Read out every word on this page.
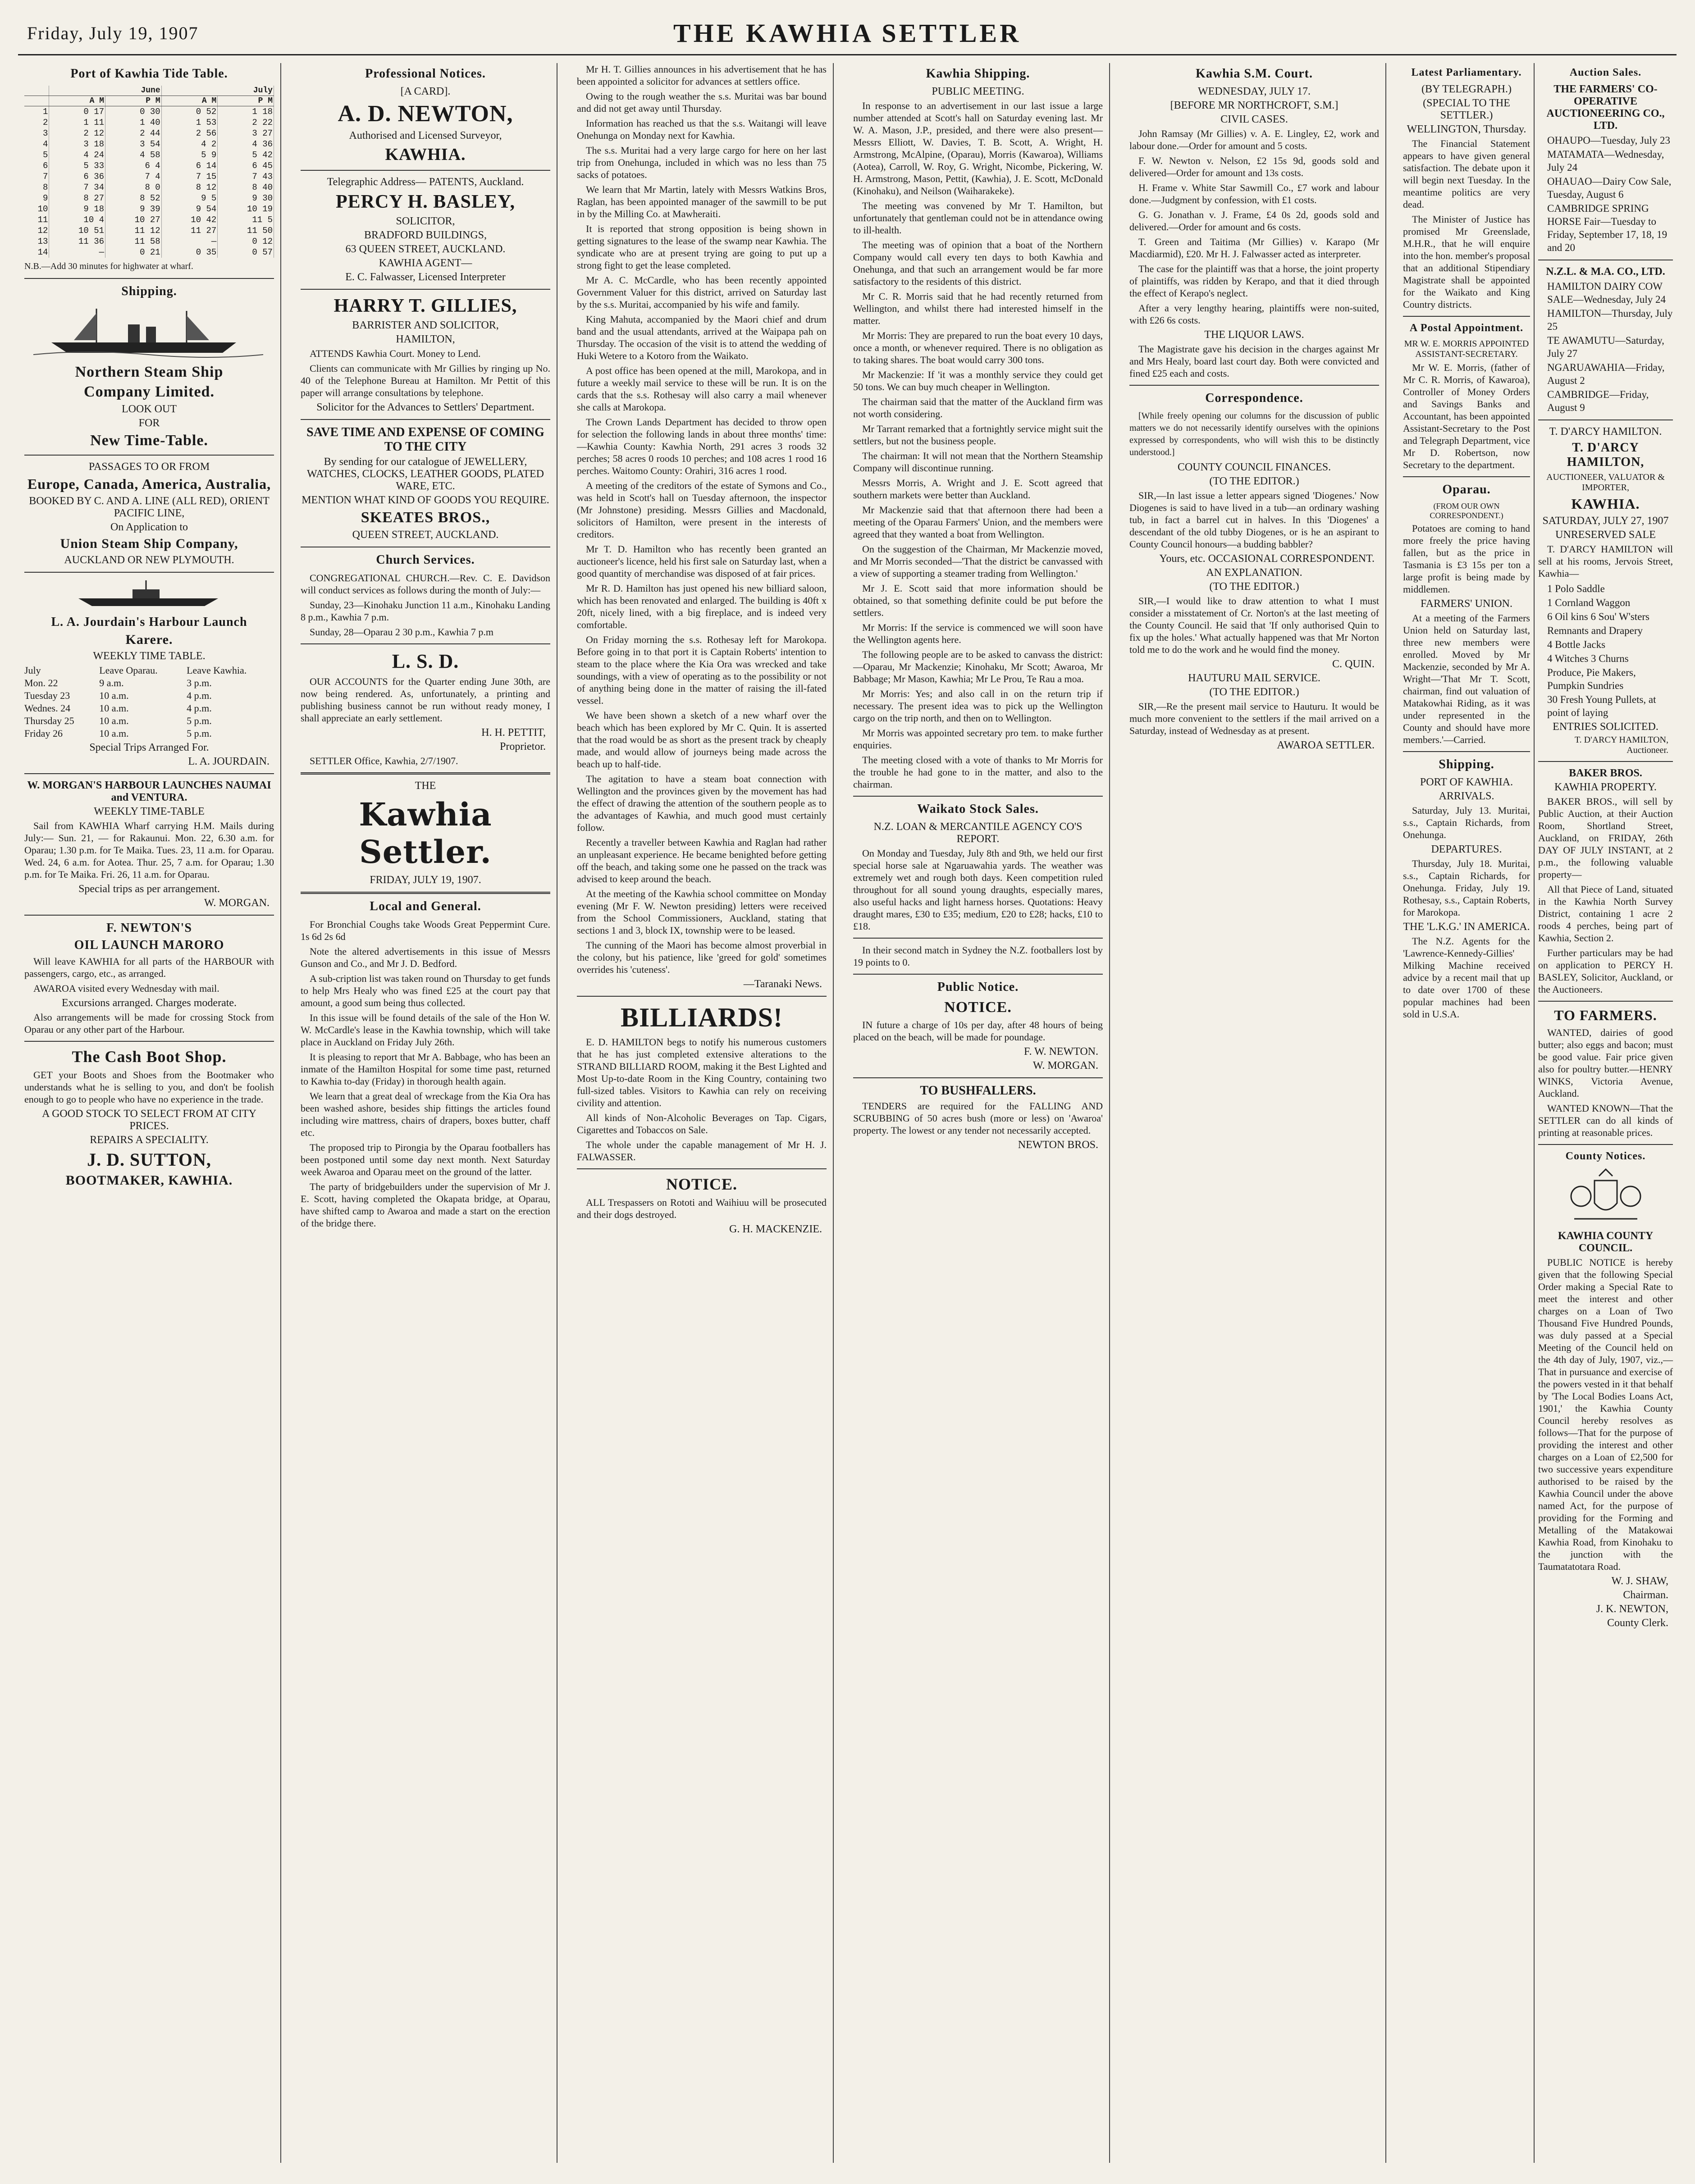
Friday, July 19, 1907	THE KAWHIA SETTLER
Port of Kawhia Tide Table.
	June		July	
	A M	P M	A M	P M
1	0 17	0 30	0 52	1 18
2	1 11	1 40	1 53	2 22
3	2 12	2 44	2 56	3 27
4	3 18	3 54	4 2	4 36
5	4 24	4 58	5 9	5 42
6	5 33	6 4	6 14	6 45
7	6 36	7 4	7 15	7 43
8	7 34	8 0	8 12	8 40
9	8 27	8 52	9 5	9 30
10	9 18	9 39	9 54	10 19
11	10 4	10 27	10 42	11 5
12	10 51	11 12	11 27	11 50
13	11 36	11 58	—	0 12
14	—	0 21	0 35	0 57

N.B.—Add 30 minutes for highwater at wharf.

Shipping.
Northern Steam Ship
Company Limited.
LOOK OUT
FOR
New Time-Table.
PASSAGES TO OR FROM
Europe, Canada, America, Australia,
BOOKED BY C. AND A. LINE (ALL RED), ORIENT PACIFIC LINE,
On Application to
Union Steam Ship Company,
AUCKLAND OR NEW PLYMOUTH.
L. A. Jourdain's Harbour Launch
Karere.
WEEKLY TIME TABLE.
July	Leave Oparau.	Leave Kawhia.
Mon. 22	9 a.m.	3 p.m.
Tuesday 23	10 a.m.	4 p.m.
Wednes. 24	10 a.m.	4 p.m.
Thursday 25	10 a.m.	5 p.m.
Friday 26	10 a.m.	5 p.m.
Special Trips Arranged For.
L. A. JOURDAIN.
W. MORGAN'S HARBOUR LAUNCHES NAUMAI and VENTURA.
WEEKLY TIME-TABLE

Sail from KAWHIA Wharf carrying H.M. Mails during July:— Sun. 21, — for Rakaunui. Mon. 22, 6.30 a.m. for Oparau; 1.30 p.m. for Te Maika. Tues. 23, 11 a.m. for Oparau. Wed. 24, 6 a.m. for Aotea. Thur. 25, 7 a.m. for Oparau; 1.30 p.m. for Te Maika. Fri. 26, 11 a.m. for Oparau.

Special trips as per arrangement.
W. MORGAN.
F. NEWTON'S
OIL LAUNCH MARORO

Will leave KAWHIA for all parts of the HARBOUR with passengers, cargo, etc., as arranged.

AWAROA visited every Wednesday with mail.

Excursions arranged. Charges moderate.

Also arrangements will be made for crossing Stock from Oparau or any other part of the Harbour.

The Cash Boot Shop.

GET your Boots and Shoes from the Bootmaker who understands what he is selling to you, and don't be foolish enough to go to people who have no experience in the trade.

A GOOD STOCK TO SELECT FROM AT CITY PRICES.
REPAIRS A SPECIALITY.
J. D. SUTTON,
BOOTMAKER, KAWHIA.
Professional Notices.
[A CARD].
A. D. NEWTON,
Authorised and Licensed Surveyor,
KAWHIA.
Telegraphic Address— PATENTS, Auckland.
PERCY H. BASLEY,
SOLICITOR,
BRADFORD BUILDINGS,
63 QUEEN STREET, AUCKLAND.
KAWHIA AGENT—
E. C. Falwasser, Licensed Interpreter
HARRY T. GILLIES,
BARRISTER AND SOLICITOR,
HAMILTON,

ATTENDS Kawhia Court. Money to Lend.

Clients can communicate with Mr Gillies by ringing up No. 40 of the Telephone Bureau at Hamilton. Mr Pettit of this paper will arrange consultations by telephone.

Solicitor for the Advances to Settlers' Department.
SAVE TIME AND EXPENSE OF COMING TO THE CITY
By sending for our catalogue of JEWELLERY, WATCHES, CLOCKS, LEATHER GOODS, PLATED WARE, ETC.
MENTION WHAT KIND OF GOODS YOU REQUIRE.
SKEATES BROS.,
QUEEN STREET, AUCKLAND.
Church Services.

CONGREGATIONAL CHURCH.—Rev. C. E. Davidson will conduct services as follows during the month of July:—

Sunday, 23—Kinohaku Junction 11 a.m., Kinohaku Landing 8 p.m., Kawhia 7 p.m.

Sunday, 28—Oparau 2 30 p.m., Kawhia 7 p.m

L. S. D.

OUR ACCOUNTS for the Quarter ending June 30th, are now being rendered. As, unfortunately, a printing and publishing business cannot be run without ready money, I shall appreciate an early settlement.

H. H. PETTIT,
Proprietor.

SETTLER Office, Kawhia, 2/7/1907.

THE
Kawhia Settler.
FRIDAY, JULY 19, 1907.
Local and General.

For Bronchial Coughs take Woods Great Peppermint Cure. 1s 6d 2s 6d

Note the altered advertisements in this issue of Messrs Gunson and Co., and Mr J. D. Bedford.

A sub-cription list was taken round on Thursday to get funds to help Mrs Healy who was fined £25 at the court pay that amount, a good sum being thus collected.

In this issue will be found details of the sale of the Hon W. W. McCardle's lease in the Kawhia township, which will take place in Auckland on Friday July 26th.

It is pleasing to report that Mr A. Babbage, who has been an inmate of the Hamilton Hospital for some time past, returned to Kawhia to-day (Friday) in thorough health again.

We learn that a great deal of wreckage from the Kia Ora has been washed ashore, besides ship fittings the articles found including wire mattress, chairs of drapers, boxes butter, chaff etc.

The proposed trip to Pirongia by the Oparau footballers has been postponed until some day next month. Next Saturday week Awaroa and Oparau meet on the ground of the latter.

The party of bridgebuilders under the supervision of Mr J. E. Scott, having completed the Okapata bridge, at Oparau, have shifted camp to Awaroa and made a start on the erection of the bridge there.

Mr H. T. Gillies announces in his advertisement that he has been appointed a solicitor for advances at settlers office.

Owing to the rough weather the s.s. Muritai was bar bound and did not get away until Thursday.

Information has reached us that the s.s. Waitangi will leave Onehunga on Monday next for Kawhia.

The s.s. Muritai had a very large cargo for here on her last trip from Onehunga, included in which was no less than 75 sacks of potatoes.

We learn that Mr Martin, lately with Messrs Watkins Bros, Raglan, has been appointed manager of the sawmill to be put in by the Milling Co. at Mawheraiti.

It is reported that strong opposition is being shown in getting signatures to the lease of the swamp near Kawhia. The syndicate who are at present trying are going to put up a strong fight to get the lease completed.

Mr A. C. McCardle, who has been recently appointed Government Valuer for this district, arrived on Saturday last by the s.s. Muritai, accompanied by his wife and family.

King Mahuta, accompanied by the Maori chief and drum band and the usual attendants, arrived at the Waipapa pah on Thursday. The occasion of the visit is to attend the wedding of Huki Wetere to a Kotoro from the Waikato.

A post office has been opened at the mill, Marokopa, and in future a weekly mail service to these will be run. It is on the cards that the s.s. Rothesay will also carry a mail whenever she calls at Marokopa.

The Crown Lands Department has decided to throw open for selection the following lands in about three months' time:—Kawhia County: Kawhia North, 291 acres 3 roods 32 perches; 58 acres 0 roods 10 perches; and 108 acres 1 rood 16 perches. Waitomo County: Orahiri, 316 acres 1 rood.

A meeting of the creditors of the estate of Symons and Co., was held in Scott's hall on Tuesday afternoon, the inspector (Mr Johnstone) presiding. Messrs Gillies and Macdonald, solicitors of Hamilton, were present in the interests of creditors.

Mr T. D. Hamilton who has recently been granted an auctioneer's licence, held his first sale on Saturday last, when a good quantity of merchandise was disposed of at fair prices.

Mr R. D. Hamilton has just opened his new billiard saloon, which has been renovated and enlarged. The building is 40ft x 20ft, nicely lined, with a big fireplace, and is indeed very comfortable.

On Friday morning the s.s. Rothesay left for Marokopa. Before going in to that port it is Captain Roberts' intention to steam to the place where the Kia Ora was wrecked and take soundings, with a view of operating as to the possibility or not of anything being done in the matter of raising the ill-fated vessel.

We have been shown a sketch of a new wharf over the beach which has been explored by Mr C. Quin. It is asserted that the road would be as short as the present track by cheaply made, and would allow of journeys being made across the beach up to half-tide.

The agitation to have a steam boat connection with Wellington and the provinces given by the movement has had the effect of drawing the attention of the southern people as to the advantages of Kawhia, and much good must certainly follow.

Recently a traveller between Kawhia and Raglan had rather an unpleasant experience. He became benighted before getting off the beach, and taking some one he passed on the track was advised to keep around the beach.

At the meeting of the Kawhia school committee on Monday evening (Mr F. W. Newton presiding) letters were received from the School Commissioners, Auckland, stating that sections 1 and 3, block IX, township were to be leased.

The cunning of the Maori has become almost proverbial in the colony, but his patience, like 'greed for gold' sometimes overrides his 'cuteness'.

—Taranaki News.
BILLIARDS!

E. D. HAMILTON begs to notify his numerous customers that he has just completed extensive alterations to the STRAND BILLIARD ROOM, making it the Best Lighted and Most Up-to-date Room in the King Country, containing two full-sized tables. Visitors to Kawhia can rely on receiving civility and attention.

All kinds of Non-Alcoholic Beverages on Tap. Cigars, Cigarettes and Tobaccos on Sale.

The whole under the capable management of Mr H. J. FALWASSER.

NOTICE.

ALL Trespassers on Rototi and Waihiuu will be prosecuted and their dogs destroyed.

G. H. MACKENZIE.
Kawhia Shipping.
PUBLIC MEETING.

In response to an advertisement in our last issue a large number attended at Scott's hall on Saturday evening last. Mr W. A. Mason, J.P., presided, and there were also present—Messrs Elliott, W. Davies, T. B. Scott, A. Wright, H. Armstrong, McAlpine, (Oparau), Morris (Kawaroa), Williams (Aotea), Carroll, W. Roy, G. Wright, Nicombe, Pickering, W. H. Armstrong, Mason, Pettit, (Kawhia), J. E. Scott, McDonald (Kinohaku), and Neilson (Waiharakeke).

The meeting was convened by Mr T. Hamilton, but unfortunately that gentleman could not be in attendance owing to ill-health.

The meeting was of opinion that a boat of the Northern Company would call every ten days to both Kawhia and Onehunga, and that such an arrangement would be far more satisfactory to the residents of this district.

Mr C. R. Morris said that he had recently returned from Wellington, and whilst there had interested himself in the matter.

Mr Morris: They are prepared to run the boat every 10 days, once a month, or whenever required. There is no obligation as to taking shares. The boat would carry 300 tons.

Mr Mackenzie: If 'it was a monthly service they could get 50 tons. We can buy much cheaper in Wellington.

The chairman said that the matter of the Auckland firm was not worth considering.

Mr Tarrant remarked that a fortnightly service might suit the settlers, but not the business people.

The chairman: It will not mean that the Northern Steamship Company will discontinue running.

Messrs Morris, A. Wright and J. E. Scott agreed that southern markets were better than Auckland.

Mr Mackenzie said that that afternoon there had been a meeting of the Oparau Farmers' Union, and the members were agreed that they wanted a boat from Wellington.

On the suggestion of the Chairman, Mr Mackenzie moved, and Mr Morris seconded—'That the district be canvassed with a view of supporting a steamer trading from Wellington.'

Mr J. E. Scott said that more information should be obtained, so that something definite could be put before the settlers.

Mr Morris: If the service is commenced we will soon have the Wellington agents here.

The following people are to be asked to canvass the district:—Oparau, Mr Mackenzie; Kinohaku, Mr Scott; Awaroa, Mr Babbage; Mr Mason, Kawhia; Mr Le Prou, Te Rau a moa.

Mr Morris: Yes; and also call in on the return trip if necessary. The present idea was to pick up the Wellington cargo on the trip north, and then on to Wellington.

Mr Morris was appointed secretary pro tem. to make further enquiries.

The meeting closed with a vote of thanks to Mr Morris for the trouble he had gone to in the matter, and also to the chairman.

Waikato Stock Sales.
N.Z. LOAN & MERCANTILE AGENCY CO'S REPORT.

On Monday and Tuesday, July 8th and 9th, we held our first special horse sale at Ngaruawahia yards. The weather was extremely wet and rough both days. Keen competition ruled throughout for all sound young draughts, especially mares, also useful hacks and light harness horses. Quotations: Heavy draught mares, £30 to £35; medium, £20 to £28; hacks, £10 to £18.

In their second match in Sydney the N.Z. footballers lost by 19 points to 0.

Public Notice.
NOTICE.

IN future a charge of 10s per day, after 48 hours of being placed on the beach, will be made for poundage.

F. W. NEWTON.
W. MORGAN.
TO BUSHFALLERS.

TENDERS are required for the FALLING AND SCRUBBING of 50 acres bush (more or less) on 'Awaroa' property. The lowest or any tender not necessarily accepted.

NEWTON BROS.
Kawhia S.M. Court.
WEDNESDAY, JULY 17.
[BEFORE MR NORTHCROFT, S.M.]
CIVIL CASES.

John Ramsay (Mr Gillies) v. A. E. Lingley, £2, work and labour done.—Order for amount and 5 costs.

F. W. Newton v. Nelson, £2 15s 9d, goods sold and delivered—Order for amount and 13s costs.

H. Frame v. White Star Sawmill Co., £7 work and labour done.—Judgment by confession, with £1 costs.

G. G. Jonathan v. J. Frame, £4 0s 2d, goods sold and delivered.—Order for amount and 6s costs.

T. Green and Taitima (Mr Gillies) v. Karapo (Mr Macdiarmid), £20. Mr H. J. Falwasser acted as interpreter.

The case for the plaintiff was that a horse, the joint property of plaintiffs, was ridden by Kerapo, and that it died through the effect of Kerapo's neglect.

After a very lengthy hearing, plaintiffs were non-suited, with £26 6s costs.

THE LIQUOR LAWS.

The Magistrate gave his decision in the charges against Mr and Mrs Healy, board last court day. Both were convicted and fined £25 each and costs.

Correspondence.

[While freely opening our columns for the discussion of public matters we do not necessarily identify ourselves with the opinions expressed by correspondents, who will wish this to be distinctly understood.]

COUNTY COUNCIL FINANCES.
(TO THE EDITOR.)

SIR,—In last issue a letter appears signed 'Diogenes.' Now Diogenes is said to have lived in a tub—an ordinary washing tub, in fact a barrel cut in halves. In this 'Diogenes' a descendant of the old tubby Diogenes, or is he an aspirant to County Council honours—a budding babbler?

Yours, etc. OCCASIONAL CORRESPONDENT.
AN EXPLANATION.
(TO THE EDITOR.)

SIR,—I would like to draw attention to what I must consider a misstatement of Cr. Norton's at the last meeting of the County Council. He said that 'If only authorised Quin to fix up the holes.' What actually happened was that Mr Norton told me to do the work and he would find the money.

C. QUIN.
HAUTURU MAIL SERVICE.
(TO THE EDITOR.)

SIR,—Re the present mail service to Hauturu. It would be much more convenient to the settlers if the mail arrived on a Saturday, instead of Wednesday as at present.

AWAROA SETTLER.
Latest Parliamentary.
(BY TELEGRAPH.)
(SPECIAL TO THE SETTLER.)
WELLINGTON, Thursday.

The Financial Statement appears to have given general satisfaction. The debate upon it will begin next Tuesday. In the meantime politics are very dead.

The Minister of Justice has promised Mr Greenslade, M.H.R., that he will enquire into the hon. member's proposal that an additional Stipendiary Magistrate shall be appointed for the Waikato and King Country districts.

A Postal Appointment.
MR W. E. MORRIS APPOINTED ASSISTANT-SECRETARY.

Mr W. E. Morris, (father of Mr C. R. Morris, of Kawaroa), Controller of Money Orders and Savings Banks and Accountant, has been appointed Assistant-Secretary to the Post and Telegraph Department, vice Mr D. Robertson, now Secretary to the department.

Oparau.
(FROM OUR OWN CORRESPONDENT.)

Potatoes are coming to hand more freely the price having fallen, but as the price in Tasmania is £3 15s per ton a large profit is being made by middlemen.

FARMERS' UNION.

At a meeting of the Farmers Union held on Saturday last, three new members were enrolled. Moved by Mr Mackenzie, seconded by Mr A. Wright—'That Mr T. Scott, chairman, find out valuation of Matakowhai Riding, as it was under represented in the County and should have more members.'—Carried.

Shipping.
PORT OF KAWHIA.
ARRIVALS.

Saturday, July 13. Muritai, s.s., Captain Richards, from Onehunga.

DEPARTURES.

Thursday, July 18. Muritai, s.s., Captain Richards, for Onehunga. Friday, July 19. Rothesay, s.s., Captain Roberts, for Marokopa.

THE 'L.K.G.' IN AMERICA.

The N.Z. Agents for the 'Lawrence-Kennedy-Gillies' Milking Machine received advice by a recent mail that up to date over 1700 of these popular machines had been sold in U.S.A.

Auction Sales.
THE FARMERS' CO-OPERATIVE AUCTIONEERING CO., LTD.
OHAUPO—Tuesday, July 23
MATAMATA—Wednesday, July 24
OHAUAO—Dairy Cow Sale, Tuesday, August 6
CAMBRIDGE SPRING HORSE Fair—Tuesday to Friday, September 17, 18, 19 and 20
N.Z.L. & M.A. CO., LTD.
HAMILTON DAIRY COW SALE—Wednesday, July 24
HAMILTON—Thursday, July 25
TE AWAMUTU—Saturday, July 27
NGARUAWAHIA—Friday, August 2
CAMBRIDGE—Friday, August 9
T. D'ARCY HAMILTON.
T. D'ARCY HAMILTON,
AUCTIONEER, VALUATOR & IMPORTER,
KAWHIA.
SATURDAY, JULY 27, 1907
UNRESERVED SALE

T. D'ARCY HAMILTON will sell at his rooms, Jervois Street, Kawhia—

1 Polo Saddle
1 Cornland Waggon
6 Oil kins 6 Sou' W'sters
Remnants and Drapery
4 Bottle Jacks
4 Witches 3 Churns
Produce, Pie Makers, Pumpkin Sundries
30 Fresh Young Pullets, at point of laying
ENTRIES SOLICITED.
T. D'ARCY HAMILTON, Auctioneer.
BAKER BROS.
KAWHIA PROPERTY.

BAKER BROS., will sell by Public Auction, at their Auction Room, Shortland Street, Auckland, on FRIDAY, 26th DAY OF JULY INSTANT, at 2 p.m., the following valuable property—

All that Piece of Land, situated in the Kawhia North Survey District, containing 1 acre 2 roods 4 perches, being part of Kawhia, Section 2.

Further particulars may be had on application to PERCY H. BASLEY, Solicitor, Auckland, or the Auctioneers.

TO FARMERS.

WANTED, dairies of good butter; also eggs and bacon; must be good value. Fair price given also for poultry butter.—HENRY WINKS, Victoria Avenue, Auckland.

WANTED KNOWN—That the SETTLER can do all kinds of printing at reasonable prices.

County Notices.
KAWHIA COUNTY COUNCIL.

PUBLIC NOTICE is hereby given that the following Special Order making a Special Rate to meet the interest and other charges on a Loan of Two Thousand Five Hundred Pounds, was duly passed at a Special Meeting of the Council held on the 4th day of July, 1907, viz.,—That in pursuance and exercise of the powers vested in it that behalf by 'The Local Bodies Loans Act, 1901,' the Kawhia County Council hereby resolves as follows—That for the purpose of providing the interest and other charges on a Loan of £2,500 for two successive years expenditure authorised to be raised by the Kawhia Council under the above named Act, for the purpose of providing for the Forming and Metalling of the Matakowai Kawhia Road, from Kinohaku to the junction with the Taumatatotara Road.

W. J. SHAW,
Chairman.
J. K. NEWTON,
County Clerk.
